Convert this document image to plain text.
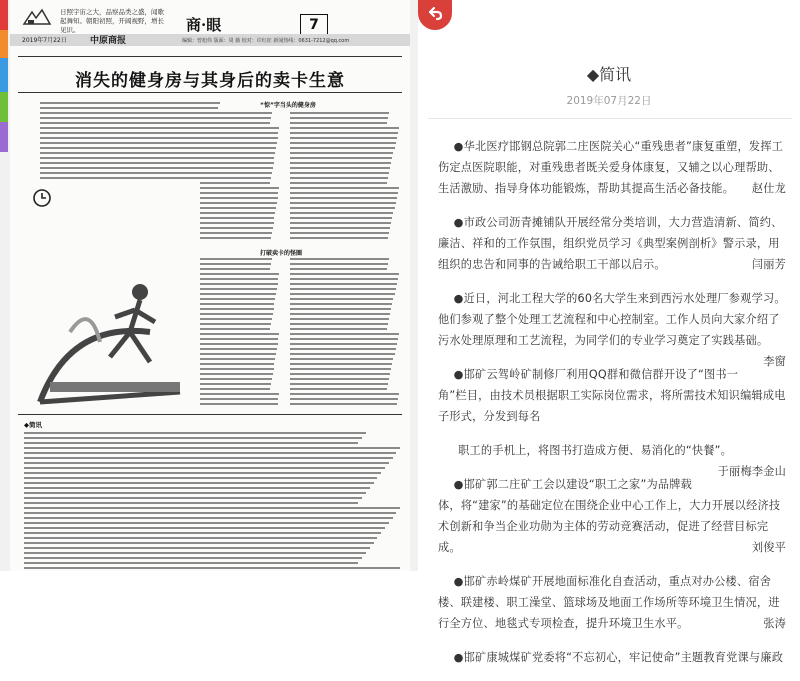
日照宇宙之大，品察品类之盛，闻歌起舞知。朝阳初照，开阔视野，增长见识。	商·眼	7
2019年7月22日	中原商报	编辑：曾旭伟 版面：周 薇 校对：许红征 新闻热线：0631-7212@qq.com
消失的健身房与其身后的卖卡生意
“惊”字当头的健身房
打破卖卡的怪圈
◆简讯
◆简讯
2019年07月22日

●华北医疗邯钢总院郭二庄医院关心“重残患者”康复重塑，发挥工伤定点医院职能，对重残患者既关爱身体康复，又辅之以心理帮助、生活激励、指导身体功能锻炼，帮助其提高生活必备技能。	赵仕龙

●市政公司沥青摊铺队开展经常分类培训，大力营造清新、简约、廉洁、祥和的工作氛围，组织党员学习《典型案例剖析》警示录，用组织的忠告和同事的告诫给职工干部以启示。	闫丽芳

●近日，河北工程大学的60名大学生来到西污水处理厂参观学习。他们参观了整个处理工艺流程和中心控制室。工作人员向大家介绍了污水处理原理和工艺流程，为同学们的专业学习奠定了实践基础。
李窗

●邯矿云驾岭矿制修厂利用QQ群和微信群开设了“图书一角”栏目，由技术员根据职工实际岗位需求，将所需技术知识编辑成电子形式，分发到每名

职工的手机上，将图书打造成方便、易消化的“快餐”。
于丽梅李金山

●邯矿郭二庄矿工会以建设“职工之家”为品牌载体，将“建家”的基础定位在围绕企业中心工作上，大力开展以经济技术创新和争当企业功勋为主体的劳动竞赛活动，促进了经营目标完成。	刘俊平

●邯矿赤岭煤矿开展地面标准化自查活动，重点对办公楼、宿舍楼、联建楼、职工澡堂、篮球场及地面工作场所等环境卫生情况，进行全方位、地毯式专项检查，提升环境卫生水平。	张涛

●邯矿康城煤矿党委将“不忘初心，牢记使命”主题教育党课与廉政
